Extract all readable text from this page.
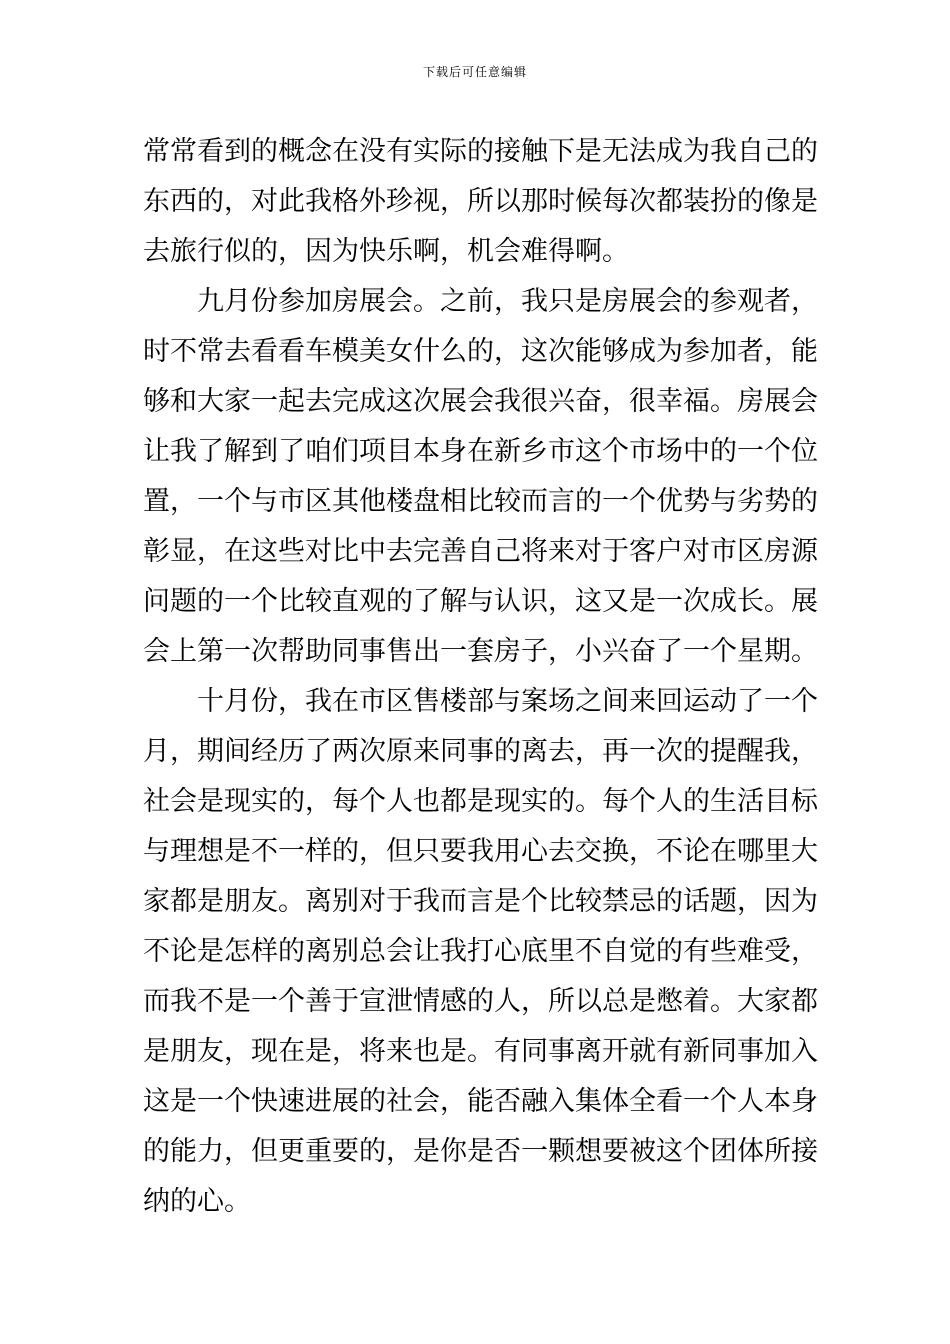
下载后可任意编辑
常常看到的概念在没有实际的接触下是无法成为我自己的
东西的，对此我格外珍视，所以那时候每次都装扮的像是
去旅行似的，因为快乐啊，机会难得啊。
九月份参加房展会。之前，我只是房展会的参观者，
时不常去看看车模美女什么的，这次能够成为参加者，能
够和大家一起去完成这次展会我很兴奋，很幸福。房展会
让我了解到了咱们项目本身在新乡市这个市场中的一个位
置，一个与市区其他楼盘相比较而言的一个优势与劣势的
彰显，在这些对比中去完善自己将来对于客户对市区房源
问题的一个比较直观的了解与认识，这又是一次成长。展
会上第一次帮助同事售出一套房子，小兴奋了一个星期。
十月份，我在市区售楼部与案场之间来回运动了一个
月，期间经历了两次原来同事的离去，再一次的提醒我，
社会是现实的，每个人也都是现实的。每个人的生活目标
与理想是不一样的，但只要我用心去交换，不论在哪里大
家都是朋友。离别对于我而言是个比较禁忌的话题，因为
不论是怎样的离别总会让我打心底里不自觉的有些难受，
而我不是一个善于宣泄情感的人，所以总是憋着。大家都
是朋友，现在是，将来也是。有同事离开就有新同事加入
这是一个快速进展的社会，能否融入集体全看一个人本身
的能力，但更重要的，是你是否一颗想要被这个团体所接
纳的心。
